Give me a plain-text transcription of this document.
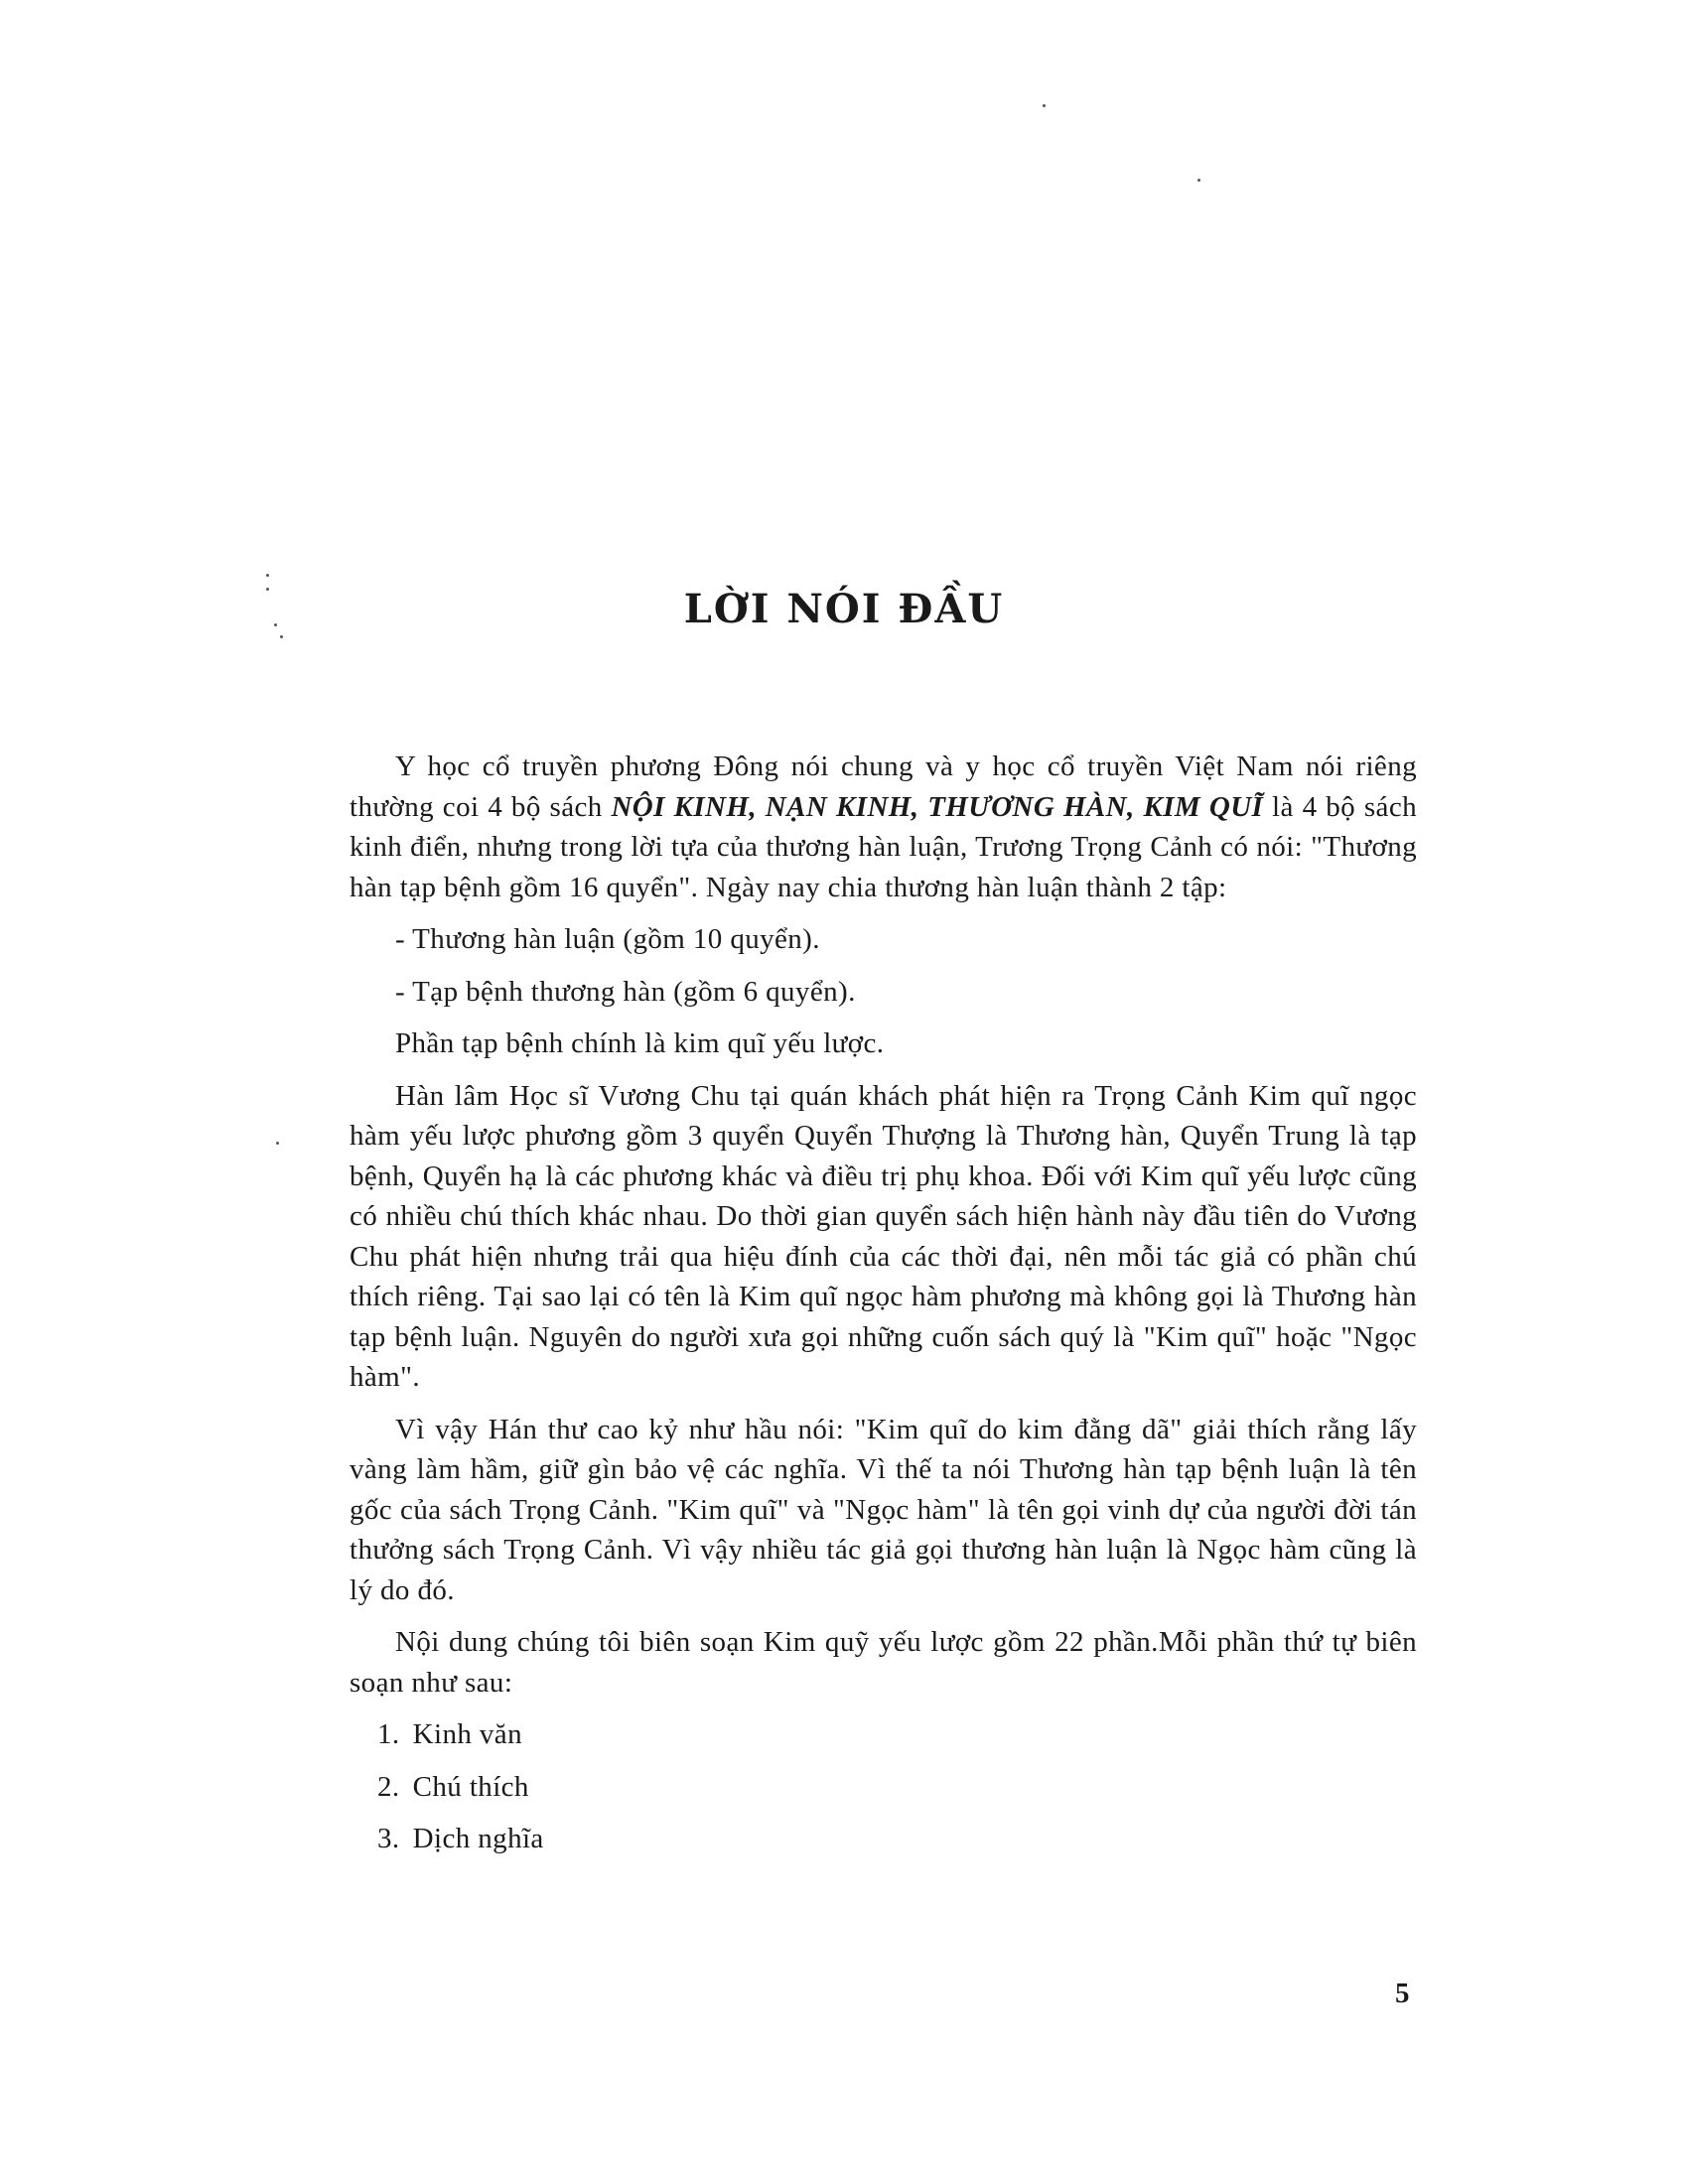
LỜI NÓI ĐẦU

Y học cổ truyền phương Đông nói chung và y học cổ truyền Việt Nam nói riêng thường coi 4 bộ sách NỘI KINH, NẠN KINH, THƯƠNG HÀN, KIM QUĨ là 4 bộ sách kinh điển, nhưng trong lời tựa của thương hàn luận, Trương Trọng Cảnh có nói: "Thương hàn tạp bệnh gồm 16 quyển". Ngày nay chia thương hàn luận thành 2 tập:

- Thương hàn luận (gồm 10 quyển).

- Tạp bệnh thương hàn (gồm 6 quyển).

Phần tạp bệnh chính là kim quĩ yếu lược.

Hàn lâm Học sĩ Vương Chu tại quán khách phát hiện ra Trọng Cảnh Kim quĩ ngọc hàm yếu lược phương gồm 3 quyển Quyển Thượng là Thương hàn, Quyển Trung là tạp bệnh, Quyển hạ là các phương khác và điều trị phụ khoa. Đối với Kim quĩ yếu lược cũng có nhiều chú thích khác nhau. Do thời gian quyển sách hiện hành này đầu tiên do Vương Chu phát hiện nhưng trải qua hiệu đính của các thời đại, nên mỗi tác giả có phần chú thích riêng. Tại sao lại có tên là Kim quĩ ngọc hàm phương mà không gọi là Thương hàn tạp bệnh luận. Nguyên do người xưa gọi những cuốn sách quý là "Kim quĩ" hoặc "Ngọc hàm".

Vì vậy Hán thư cao kỷ như hầu nói: "Kim quĩ do kim đằng dã" giải thích rằng lấy vàng làm hầm, giữ gìn bảo vệ các nghĩa. Vì thế ta nói Thương hàn tạp bệnh luận là tên gốc của sách Trọng Cảnh. "Kim quĩ" và "Ngọc hàm" là tên gọi vinh dự của người đời tán thưởng sách Trọng Cảnh. Vì vậy nhiều tác giả gọi thương hàn luận là Ngọc hàm cũng là lý do đó.

Nội dung chúng tôi biên soạn Kim quỹ yếu lược gồm 22 phần.Mỗi phần thứ tự biên soạn như sau:

1. Kinh văn
2. Chú thích
3. Dịch nghĩa
5
